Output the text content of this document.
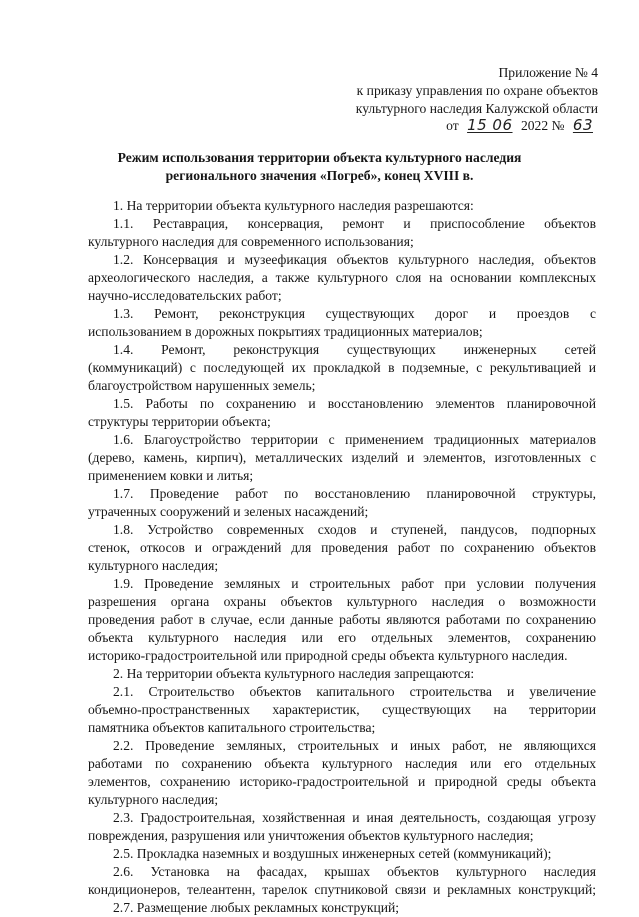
Приложение № 4
к приказу управления по охране объектов
культурного наследия Калужской области
от 15 06 2022 № 63
Режим использования территории объекта культурного наследия
регионального значения «Погреб», конец XVIII в.
1. На территории объекта культурного наследия разрешаются:
1.1. Реставрация, консервация, ремонт и приспособление объектов
культурного наследия для современного использования;
1.2. Консервация и музеефикация объектов культурного наследия, объектов
археологического наследия, а также культурного слоя на основании комплексных
научно-исследовательских работ;
1.3. Ремонт, реконструкция существующих дорог и проездов с
использованием в дорожных покрытиях традиционных материалов;
1.4. Ремонт, реконструкция существующих инженерных сетей
(коммуникаций) с последующей их прокладкой в подземные, с рекультивацией и
благоустройством нарушенных земель;
1.5. Работы по сохранению и восстановлению элементов планировочной
структуры территории объекта;
1.6. Благоустройство территории с применением традиционных материалов
(дерево, камень, кирпич), металлических изделий и элементов, изготовленных с
применением ковки и литья;
1.7. Проведение работ по восстановлению планировочной структуры,
утраченных сооружений и зеленых насаждений;
1.8. Устройство современных сходов и ступеней, пандусов, подпорных
стенок, откосов и ограждений для проведения работ по сохранению объектов
культурного наследия;
1.9. Проведение земляных и строительных работ при условии получения
разрешения органа охраны объектов культурного наследия о возможности
проведения работ в случае, если данные работы являются работами по сохранению
объекта культурного наследия или его отдельных элементов, сохранению
историко-градостроительной или природной среды объекта культурного наследия.
2. На территории объекта культурного наследия запрещаются:
2.1. Строительство объектов капитального строительства и увеличение
объемно-пространственных характеристик, существующих на территории
памятника объектов капитального строительства;
2.2. Проведение земляных, строительных и иных работ, не являющихся
работами по сохранению объекта культурного наследия или его отдельных
элементов, сохранению историко-градостроительной и природной среды объекта
культурного наследия;
2.3. Градостроительная, хозяйственная и иная деятельность, создающая угрозу
повреждения, разрушения или уничтожения объектов культурного наследия;
2.5. Прокладка наземных и воздушных инженерных сетей (коммуникаций);
2.6. Установка на фасадах, крышах объектов культурного наследия
кондиционеров, телеантенн, тарелок спутниковой связи и рекламных конструкций;
2.7. Размещение любых рекламных конструкций;
